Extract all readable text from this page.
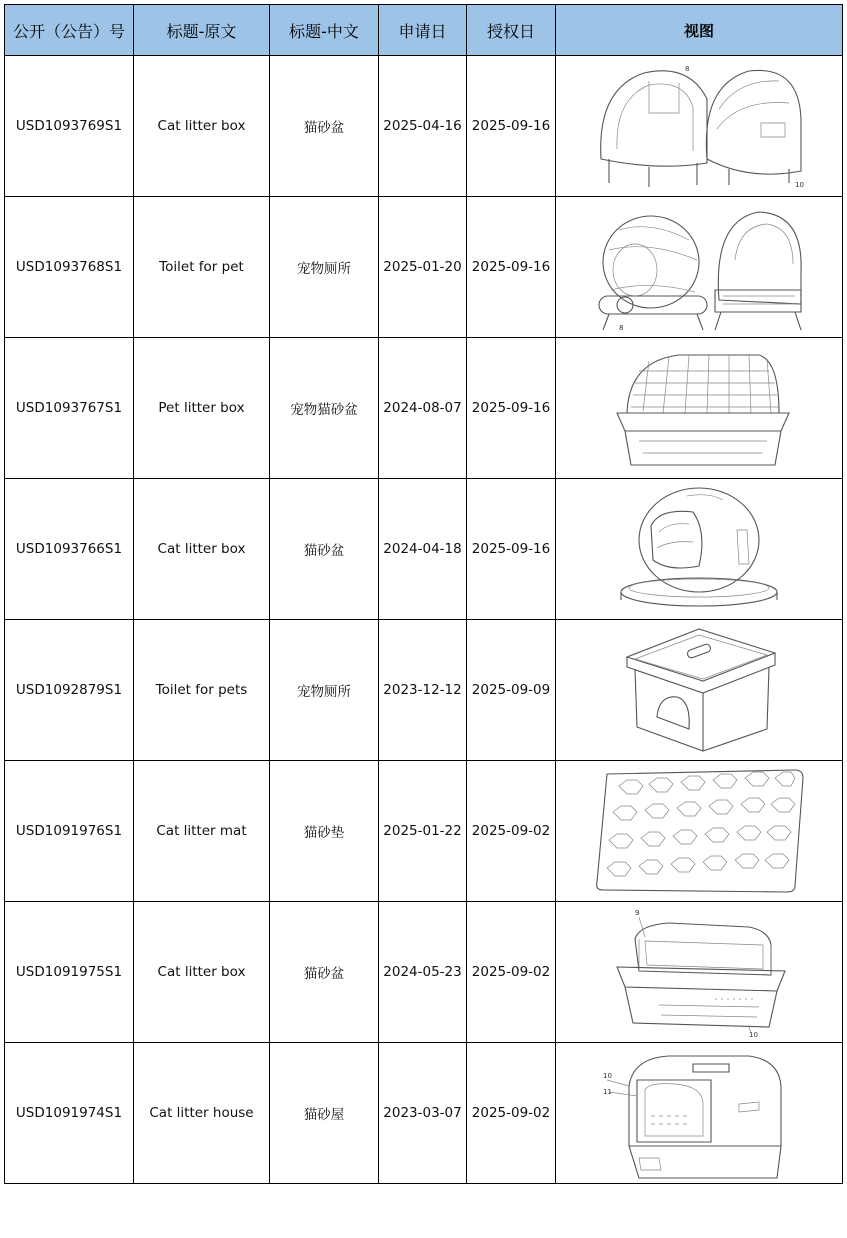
公开（公告）号	标题-原文	标题-中文	申请日	授权日	视图
USD1093769S1	Cat litter box	猫砂盆	2025-04-16	2025-09-16	8
10

USD1093768S1	Toilet for pet	宠物厕所	2025-01-20	2025-09-16	8

USD1093767S1	Pet litter box	宠物猫砂盆	2024-08-07	2025-09-16	

USD1093766S1	Cat litter box	猫砂盆	2024-04-18	2025-09-16	

USD1092879S1	Toilet for pets	宠物厕所	2023-12-12	2025-09-09	

USD1091976S1	Cat litter mat	猫砂垫	2025-01-22	2025-09-02	

USD1091975S1	Cat litter box	猫砂盆	2024-05-23	2025-09-02	9
10

USD1091974S1	Cat litter house	猫砂屋	2023-03-07	2025-09-02	10
11
